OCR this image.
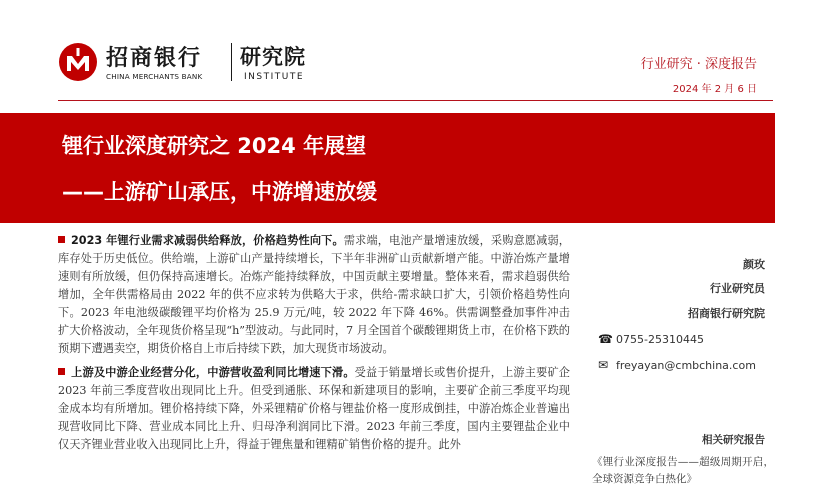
招商银行
CHINA MERCHANTS BANK
研究院
INSTITUTE
行业研究 · 深度报告
2024 年 2 月 6 日
锂行业深度研究之 2024 年展望
——上游矿山承压，中游增速放缓

2023 年锂行业需求减弱供给释放，价格趋势性向下。需求端，电池产量增速放缓，采购意愿减弱，库存处于历史低位。供给端，上游矿山产量持续增长，下半年非洲矿山贡献新增产能。中游冶炼产量增速则有所放缓，但仍保持高速增长。冶炼产能持续释放，中国贡献主要增量。整体来看，需求趋弱供给增加，全年供需格局由 2022 年的供不应求转为供略大于求，供给-需求缺口扩大，引领价格趋势性向下。2023 年电池级碳酸锂平均价格为 25.9 万元/吨，较 2022 年下降 46%。供需调整叠加事件冲击扩大价格波动，全年现货价格呈现“h”型波动。与此同时，7 月全国首个碳酸锂期货上市，在价格下跌的预期下遭遇卖空，期货价格自上市后持续下跌，加大现货市场波动。

上游及中游企业经营分化，中游营收盈利同比增速下滑。受益于销量增长或售价提升，上游主要矿企 2023 年前三季度营收出现同比上升。但受到通胀、环保和新建项目的影响，主要矿企前三季度平均现金成本均有所增加。锂价格持续下降，外采锂精矿价格与锂盐价格一度形成倒挂，中游冶炼企业普遍出现营收同比下降、营业成本同比上升、归母净利润同比下滑。2023 年前三季度，国内主要锂盐企业中仅天齐锂业营业收入出现同比上升，得益于锂焦量和锂精矿销售价格的提升。此外

颜玫
行业研究员
招商银行研究院
☎ 0755-25310445
✉ freyayan@cmbchina.com
相关研究报告
《锂行业深度报告——超级周期开启，全球资源竞争白热化》
